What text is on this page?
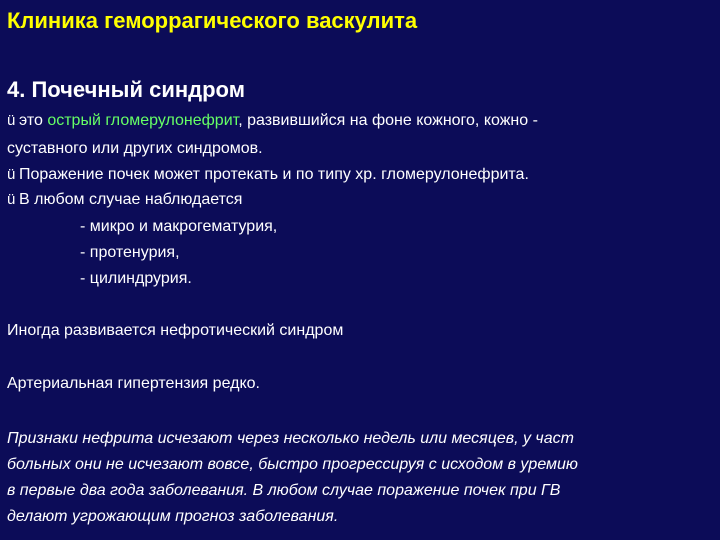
Клиника геморрагического васкулита
4. Почечный синдром
ü это острый гломерулонефрит, развившийся на фоне кожного, кожно -
суставного или других синдромов.
ü Поражение почек может протекать и по типу хр. гломерулонефрита.
ü В любом случае наблюдается
- микро и макрогематурия,
- протенурия,
- цилиндрурия.
Иногда развивается нефротический синдром
Артериальная гипертензия редко.
Признаки нефрита исчезают через несколько недель или месяцев, у част
больных они не исчезают вовсе, быстро прогрессируя с исходом в уремию
в первые два года заболевания. В любом случае поражение почек при ГВ
делают угрожающим прогноз заболевания.
